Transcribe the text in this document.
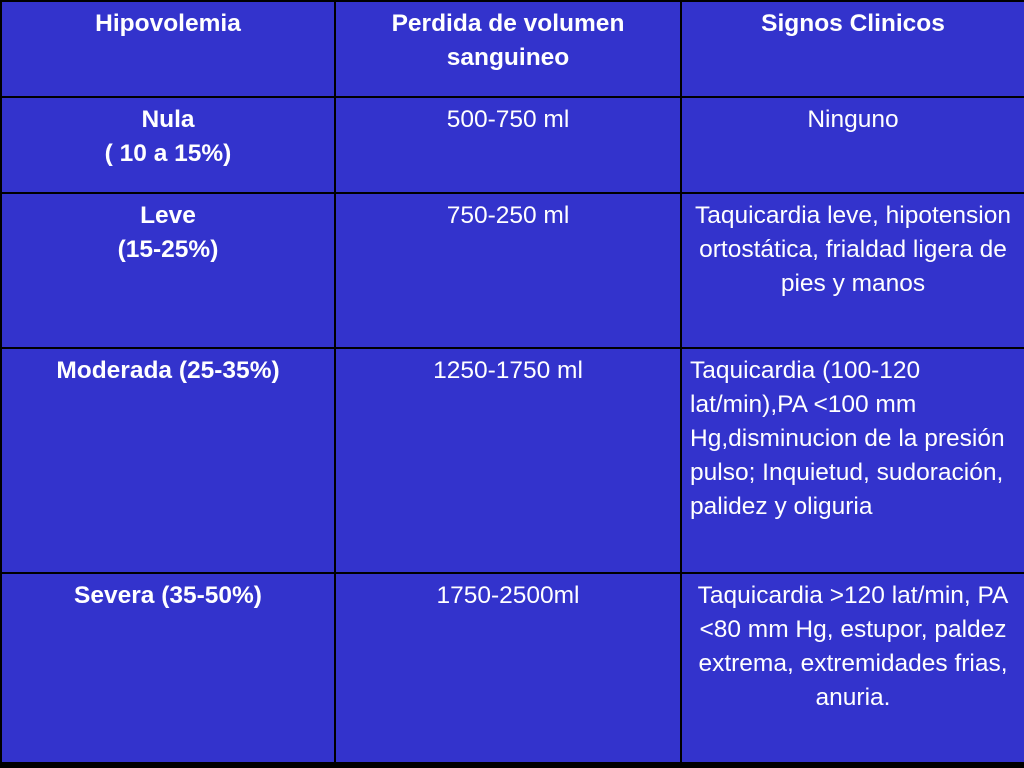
Hipovolemia	Perdida de volumen sanguineo	Signos Clinicos

Nula
( 10 a 15%)	500-750 ml	Ninguno

Leve
(15-25%)	750-250 ml	Taquicardia leve, hipotension ortostática, frialdad ligera de pies y manos

Moderada (25-35%)	1250-1750 ml	Taquicardia (100-120 lat/min),PA <100 mm Hg,disminucion de la presión pulso; Inquietud, sudoración, palidez y oliguria

Severa (35-50%)	1750-2500ml	Taquicardia >120 lat/min, PA <80 mm Hg, estupor, paldez extrema, extremidades frias, anuria.
